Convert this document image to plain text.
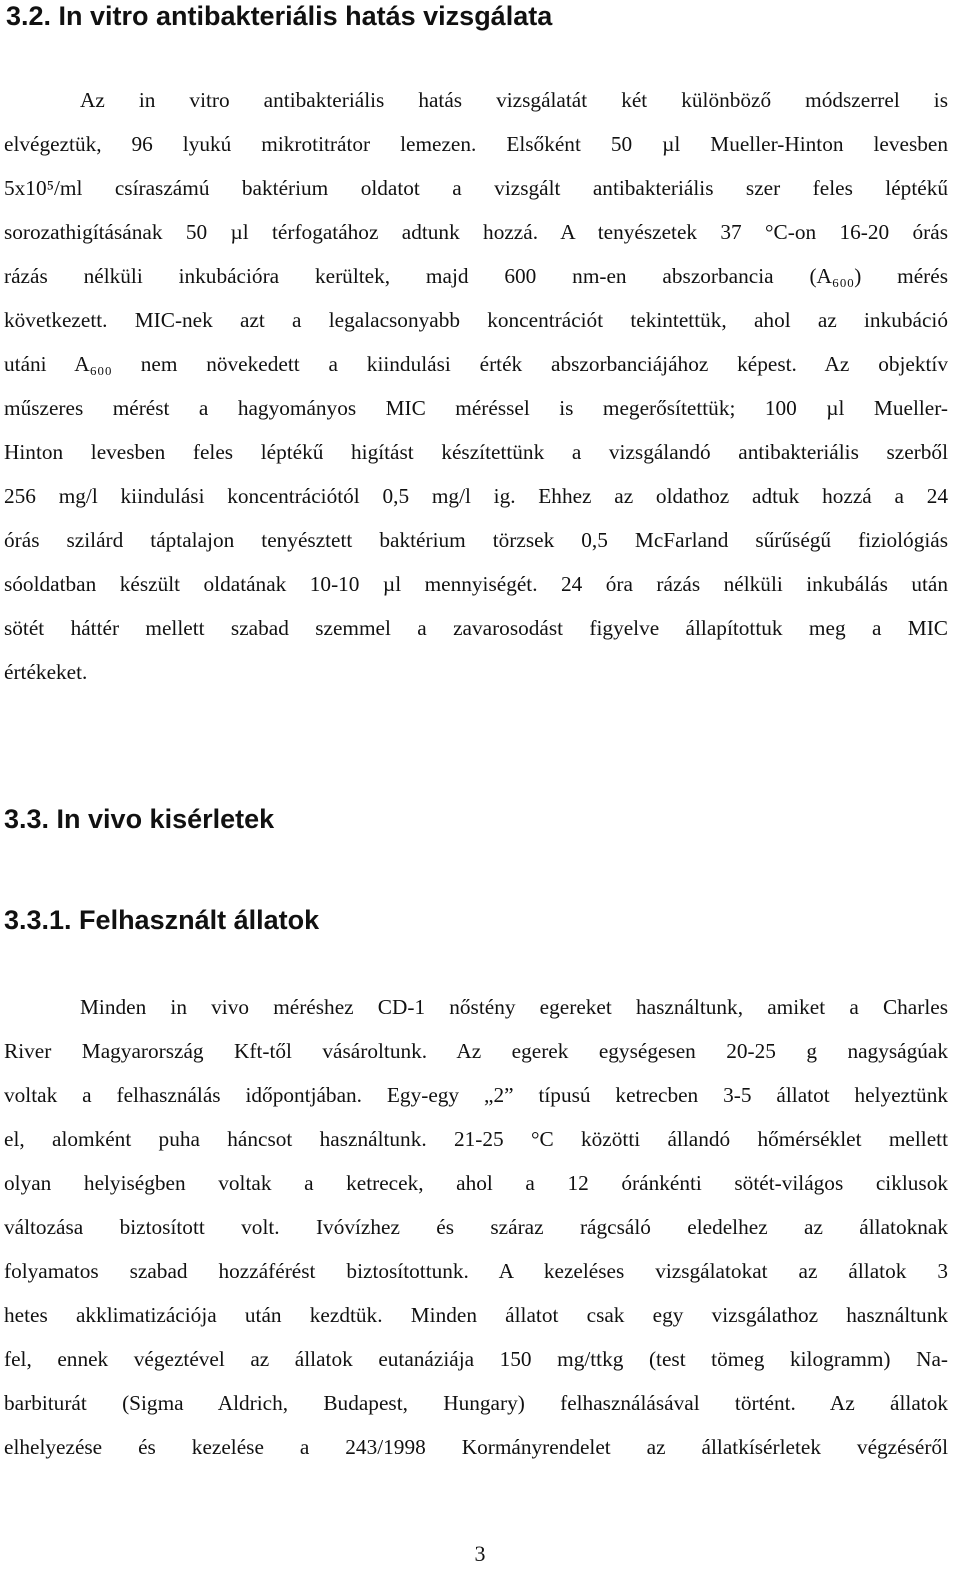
3.2. In vitro antibakteriális hatás vizsgálata
Az in vitro antibakteriális hatás vizsgálatát két különböző módszerrel is
elvégeztük, 96 lyukú mikrotitrátor lemezen. Elsőként 50 µl Mueller-Hinton levesben
5x10⁵/ml csíraszámú baktérium oldatot a vizsgált antibakteriális szer feles léptékű
sorozathigításának 50 µl térfogatához adtunk hozzá. A tenyészetek 37 °C-on 16-20 órás
rázás nélküli inkubációra kerültek, majd 600 nm-en abszorbancia (A₆₀₀) mérés
következett. MIC-nek azt a legalacsonyabb koncentrációt tekintettük, ahol az inkubáció
utáni A₆₀₀ nem növekedett a kiindulási érték abszorbanciájához képest. Az objektív
műszeres mérést a hagyományos MIC méréssel is megerősítettük; 100 µl Mueller-
Hinton levesben feles léptékű higítást készítettünk a vizsgálandó antibakteriális szerből
256 mg/l kiindulási koncentrációtól 0,5 mg/l ig. Ehhez az oldathoz adtuk hozzá a 24
órás szilárd táptalajon tenyésztett baktérium törzsek 0,5 McFarland sűrűségű fiziológiás
sóoldatban készült oldatának 10-10 µl mennyiségét. 24 óra rázás nélküli inkubálás után
sötét háttér mellett szabad szemmel a zavarosodást figyelve állapítottuk meg a MIC
értékeket.
3.3. In vivo kisérletek
3.3.1. Felhasznált állatok
Minden in vivo méréshez CD-1 nőstény egereket használtunk, amiket a Charles
River Magyarország Kft-től vásároltunk. Az egerek egységesen 20-25 g nagyságúak
voltak a felhasználás időpontjában. Egy-egy „2” típusú ketrecben 3-5 állatot helyeztünk
el, alomként puha háncsot használtunk. 21-25 °C közötti állandó hőmérséklet mellett
olyan helyiségben voltak a ketrecek, ahol a 12 óránkénti sötét-világos ciklusok
változása biztosított volt. Ivóvízhez és száraz rágcsáló eledelhez az állatoknak
folyamatos szabad hozzáférést biztosítottunk. A kezeléses vizsgálatokat az állatok 3
hetes akklimatizációja után kezdtük. Minden állatot csak egy vizsgálathoz használtunk
fel, ennek végeztével az állatok eutanáziája 150 mg/ttkg (test tömeg kilogramm) Na-
barbiturát (Sigma Aldrich, Budapest, Hungary) felhasználásával történt. Az állatok
elhelyezése és kezelése a 243/1998 Kormányrendelet az állatkísérletek végzéséről
3
